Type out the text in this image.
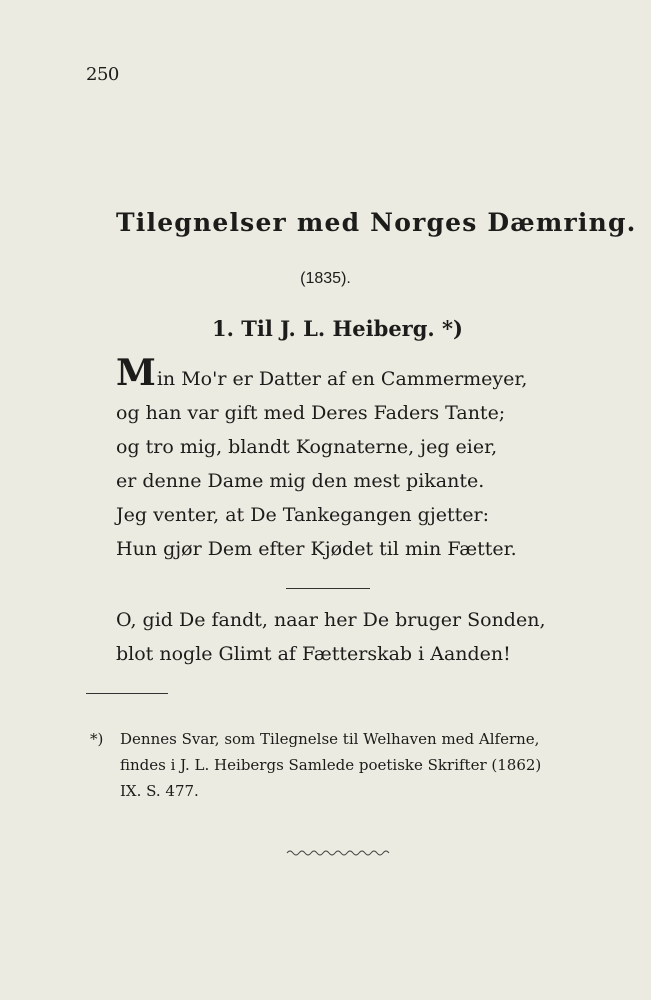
250
Tilegnelser med Norges Dæmring.
(1835).
1. Til J. L. Heiberg. *)
Min Mo'r er Datter af en Cammermeyer,
og han var gift med Deres Faders Tante;
og tro mig, blandt Kognaterne, jeg eier,
er denne Dame mig den mest pikante.
Jeg venter, at De Tankegangen gjetter:
Hun gjør Dem efter Kjødet til min Fætter.
O, gid De fandt, naar her De bruger Sonden,
blot nogle Glimt af Fætterskab i Aanden!
*) Dennes Svar, som Tilegnelse til Welhaven med Alferne,
findes i J. L. Heibergs Samlede poetiske Skrifter (1862)
IX. S. 477.
